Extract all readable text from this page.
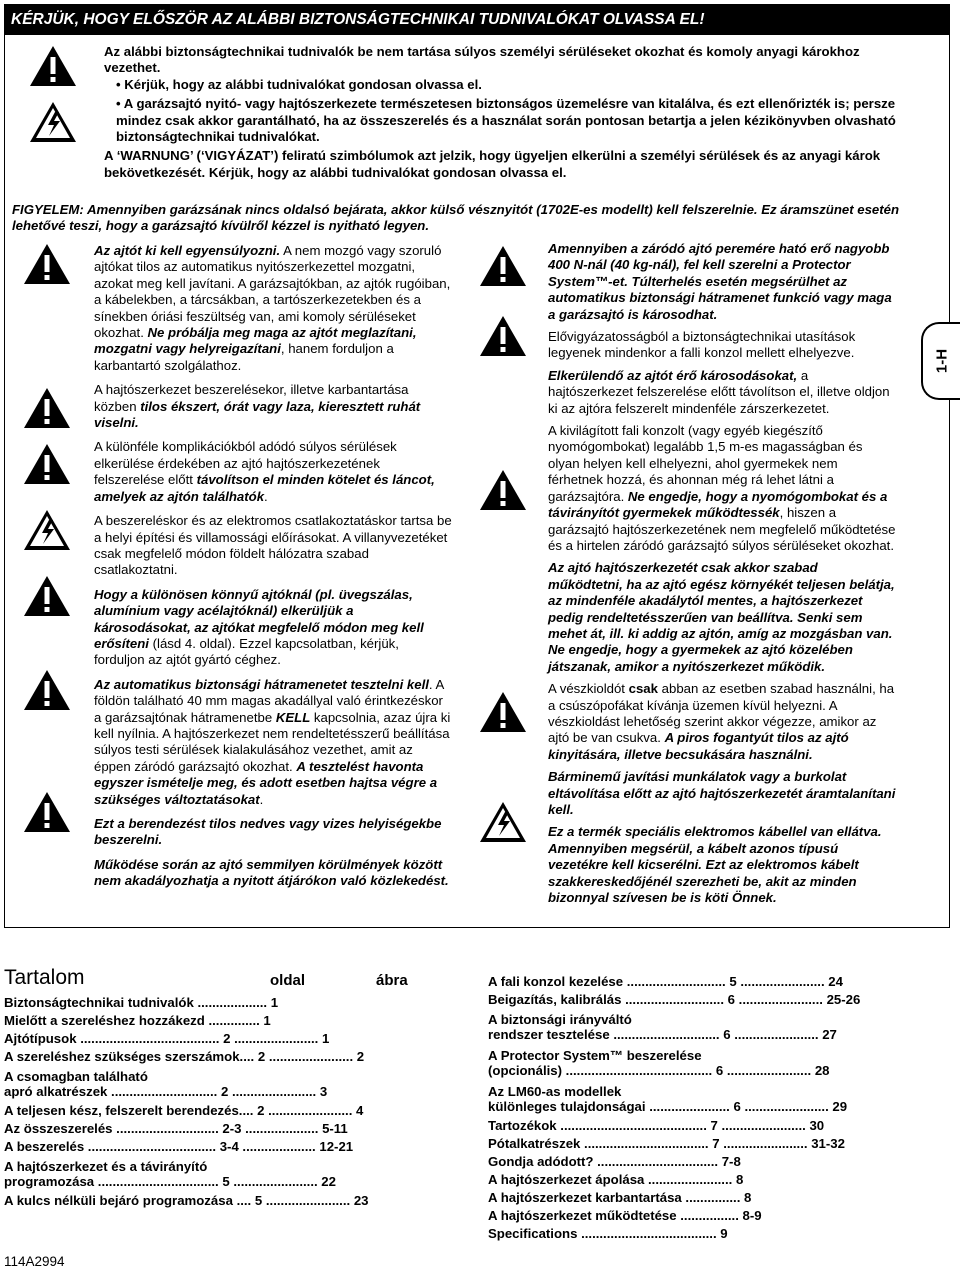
KÉRJÜK, HOGY ELŐSZÖR AZ ALÁBBI BIZTONSÁGTECHNIKAI TUDNIVALÓKAT OLVASSA EL!

Az alábbi biztonságtechnikai tudnivalók be nem tartása súlyos személyi sérüléseket okozhat és komoly anyagi károkhoz vezethet.

• Kérjük, hogy az alábbi tudnivalókat gondosan olvassa el.

• A garázsajtó nyitó- vagy hajtószerkezete természetesen biztonságos üzemelésre van kitalálva, és ezt ellenőrizték is; persze mindez csak akkor garantálható, ha az összeszerelés és a használat során pontosan betartja a jelen kézikönyvben olvasható biztonságtechnikai tudnivalókat.

A ‘WARNUNG’ (‘VIGYÁZAT’) feliratú szimbólumok azt jelzik, hogy ügyeljen elkerülni a személyi sérülések és az anyagi károk bekövetkezését. Kérjük, hogy az alábbi tudnivalókat gondosan olvassa el.

FIGYELEM: Amennyiben garázsának nincs oldalsó bejárata, akkor külső vésznyitót (1702E-es modellt) kell felszerelnie. Ez áramszünet esetén lehetővé teszi, hogy a garázsajtó kívülről kézzel is nyitható legyen.

Az ajtót ki kell egyensúlyozni. A nem mozgó vagy szoruló ajtókat tilos az automatikus nyitószerkezettel mozgatni, azokat meg kell javítani. A garázsajtókban, az ajtók rugóiban, a kábelekben, a tárcsákban, a tartószerkezetekben és a sínekben óriási feszültség van, ami komoly sérüléseket okozhat. Ne próbálja meg maga az ajtót meglazítani, mozgatni vagy helyreigazítani, hanem forduljon a karbantartó szolgálathoz.

A hajtószerkezet beszerelésekor, illetve karbantartása közben tilos ékszert, órát vagy laza, kieresztett ruhát viselni.

A különféle komplikációkból adódó súlyos sérülések elkerülése érdekében az ajtó hajtószerkezetének felszerelése előtt távolítson el minden kötelet és láncot, amelyek az ajtón találhatók.

A beszereléskor és az elektromos csatlakoztatáskor tartsa be a helyi építési és villamossági előírásokat. A villanyvezetéket csak megfelelő módon földelt hálózatra szabad csatlakoztatni.

Hogy a különösen könnyű ajtóknál (pl. üvegszálas, alumínium vagy acélajtóknál) elkerüljük a károsodásokat, az ajtókat megfelelő módon meg kell erősíteni (lásd 4. oldal). Ezzel kapcsolatban, kérjük, forduljon az ajtót gyártó céghez.

Az automatikus biztonsági hátramenetet tesztelni kell. A földön található 40 mm magas akadállyal való érintkezéskor a garázsajtónak hátramenetbe KELL kapcsolnia, azaz újra ki kell nyílnia. A hajtószerkezet nem rendeltetésszerű beállítása súlyos testi sérülések kialakulásához vezethet, amit az éppen záródó garázsajtó okozhat. A tesztelést havonta egyszer ismételje meg, és adott esetben hajtsa végre a szükséges változtatásokat.

Ezt a berendezést tilos nedves vagy vizes helyiségekbe beszerelni.

Működése során az ajtó semmilyen körülmények között nem akadályozhatja a nyitott átjárókon való közlekedést.

Amennyiben a záródó ajtó peremére ható erő nagyobb 400 N-nál (40 kg-nál), fel kell szerelni a Protector System™-et. Túlterhelés esetén megsérülhet az automatikus biztonsági hátramenet funkció vagy maga a garázsajtó is károsodhat.

Elővigyázatosságból a biztonságtechnikai utasítások legyenek mindenkor a falli konzol mellett elhelyezve.

Elkerülendő az ajtót érő károsodásokat, a hajtószerkezet felszerelése előtt távolítson el, illetve oldjon ki az ajtóra felszerelt mindenféle zárszerkezetet.

A kivilágított fali konzolt (vagy egyéb kiegészítő nyomógombokat) legalább 1,5 m-es magasságban és olyan helyen kell elhelyezni, ahol gyermekek nem férhetnek hozzá, és ahonnan még rá lehet látni a garázsajtóra. Ne engedje, hogy a nyomógombokat és a távirányítót gyermekek működtessék, hiszen a garázsajtó hajtószerkezetének nem megfelelő működtetése és a hirtelen záródó garázsajtó súlyos sérüléseket okozhat.

Az ajtó hajtószerkezetét csak akkor szabad működtetni, ha az ajtó egész környékét teljesen belátja, az mindenféle akadálytól mentes, a hajtószerkezet pedig rendeltetésszerűen van beállítva. Senki sem mehet át, ill. ki addig az ajtón, amíg az mozgásban van. Ne engedje, hogy a gyermekek az ajtó közelében játszanak, amikor a nyitószerkezet működik.

A vészkioldót csak abban az esetben szabad használni, ha a csúszópofákat kívánja üzemen kívül helyezni. A vészkioldást lehetőség szerint akkor végezze, amikor az ajtó be van csukva. A piros fogantyút tilos az ajtó kinyitására, illetve becsukására használni.

Bárminemű javítási munkálatok vagy a burkolat eltávolítása előtt az ajtó hajtószerkezetét áramtalanítani kell.

Ez a termék speciális elektromos kábellel van ellátva. Amennyiben megsérül, a kábelt azonos típusú vezetékre kell kicserélni. Ezt az elektromos kábelt szakkereskedőjénél szerezheti be, akit az minden bizonnyal szívesen be is köti Önnek.

1-H
Tartalom	oldal	ábra
Biztonságtechnikai tudnivalók ................... 1
Mielőtt a szereléshez hozzákezd .............. 1
Ajtótípusok ...................................... 2 ....................... 1
A szereléshez szükséges szerszámok.... 2 ....................... 2
A csomagban található
apró alkatrészek ............................. 2 ....................... 3
A teljesen kész, felszerelt berendezés.... 2 ....................... 4
Az összeszerelés ............................ 2-3 .................... 5-11
A beszerelés ................................... 3-4 .................... 12-21
A hajtószerkezet és a távirányító
programozása ................................. 5 ....................... 22
A kulcs nélküli bejáró programozása .... 5 ....................... 23
A fali konzol kezelése ........................... 5 ....................... 24
Beigazítás, kalibrálás ........................... 6 ....................... 25-26
A biztonsági irányváltó
rendszer tesztelése ............................. 6 ....................... 27
A Protector System™ beszerelése
(opcionális) ........................................ 6 ....................... 28
Az LM60-as modellek
különleges tulajdonságai ...................... 6 ....................... 29
Tartozékok ........................................ 7 ....................... 30
Pótalkatrészek .................................. 7 ....................... 31-32
Gondja adódott? ................................. 7-8
A hajtószerkezet ápolása ....................... 8
A hajtószerkezet karbantartása ............... 8
A hajtószerkezet működtetése ................ 8-9
Specifications ..................................... 9
114A2994
